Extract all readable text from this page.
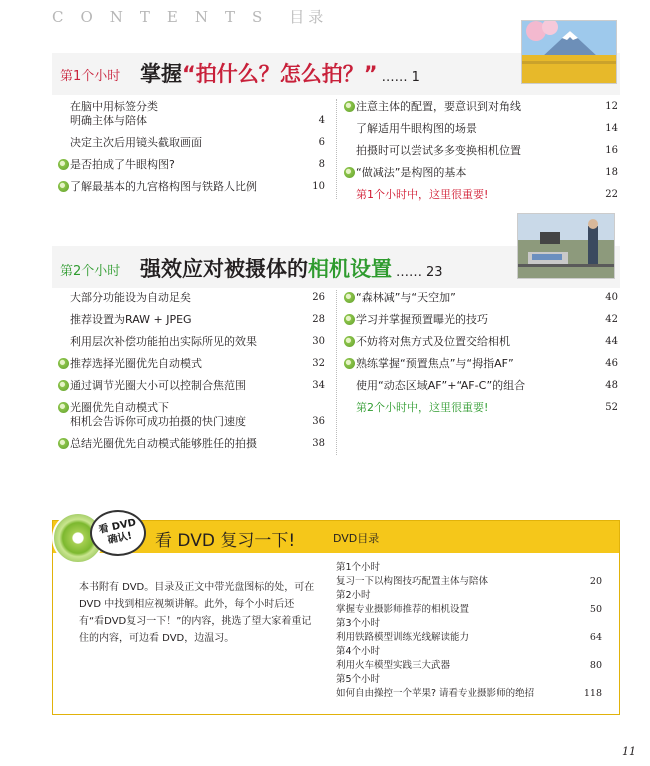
CONTENTS 目录
第1个小时 掌握“拍什么？怎么拍？” …… 1
在脑中用标签分类
明确主体与陪体	4
决定主次后用镜头截取画面	6
是否拍成了牛眼构图?	8
了解最基本的九宫格构图与铁路人比例	10
注意主体的配置，要意识到对角线	12
了解适用牛眼构图的场景	14
拍摄时可以尝试多多变换相机位置	16
“做减法”是构图的基本	18
第1个小时中，这里很重要!	22
第2个小时 强效应对被摄体的相机设置 …… 23
大部分功能设为自动足矣	26
推荐设置为RAW + JPEG	28
利用层次补偿功能拍出实际所见的效果	30
推荐选择光圈优先自动模式	32
通过调节光圈大小可以控制合焦范围	34
光圈优先自动模式下
相机会告诉你可成功拍摄的快门速度	36
总结光圈优先自动模式能够胜任的拍摄	38
“森林减”与“天空加”	40
学习并掌握预置曝光的技巧	42
不妨将对焦方式及位置交给相机	44
熟练掌握“预置焦点”与“拇指AF”	46
使用“动态区域AF”+“AF-C”的组合	48
第2个小时中，这里很重要!	52
看 DVD 复习一下!	DVD目录
本书附有 DVD。目录及正文中带光盘图标的处，可在 DVD 中找到相应视频讲解。此外，每个小时后还有“看DVD复习一下！”的内容，挑选了望大家着重记住的内容，可边看 DVD，边温习。
第1个小时
复习一下以构图技巧配置主体与陪体	20
第2小时
掌握专业摄影师推荐的相机设置	50
第3个小时
利用铁路模型训练光线解读能力	64
第4个小时
利用火车模型实践三大武器	80
第5个小时
如何自由操控一个苹果? 请看专业摄影师的绝招	118
看 DVD
确认!
11
